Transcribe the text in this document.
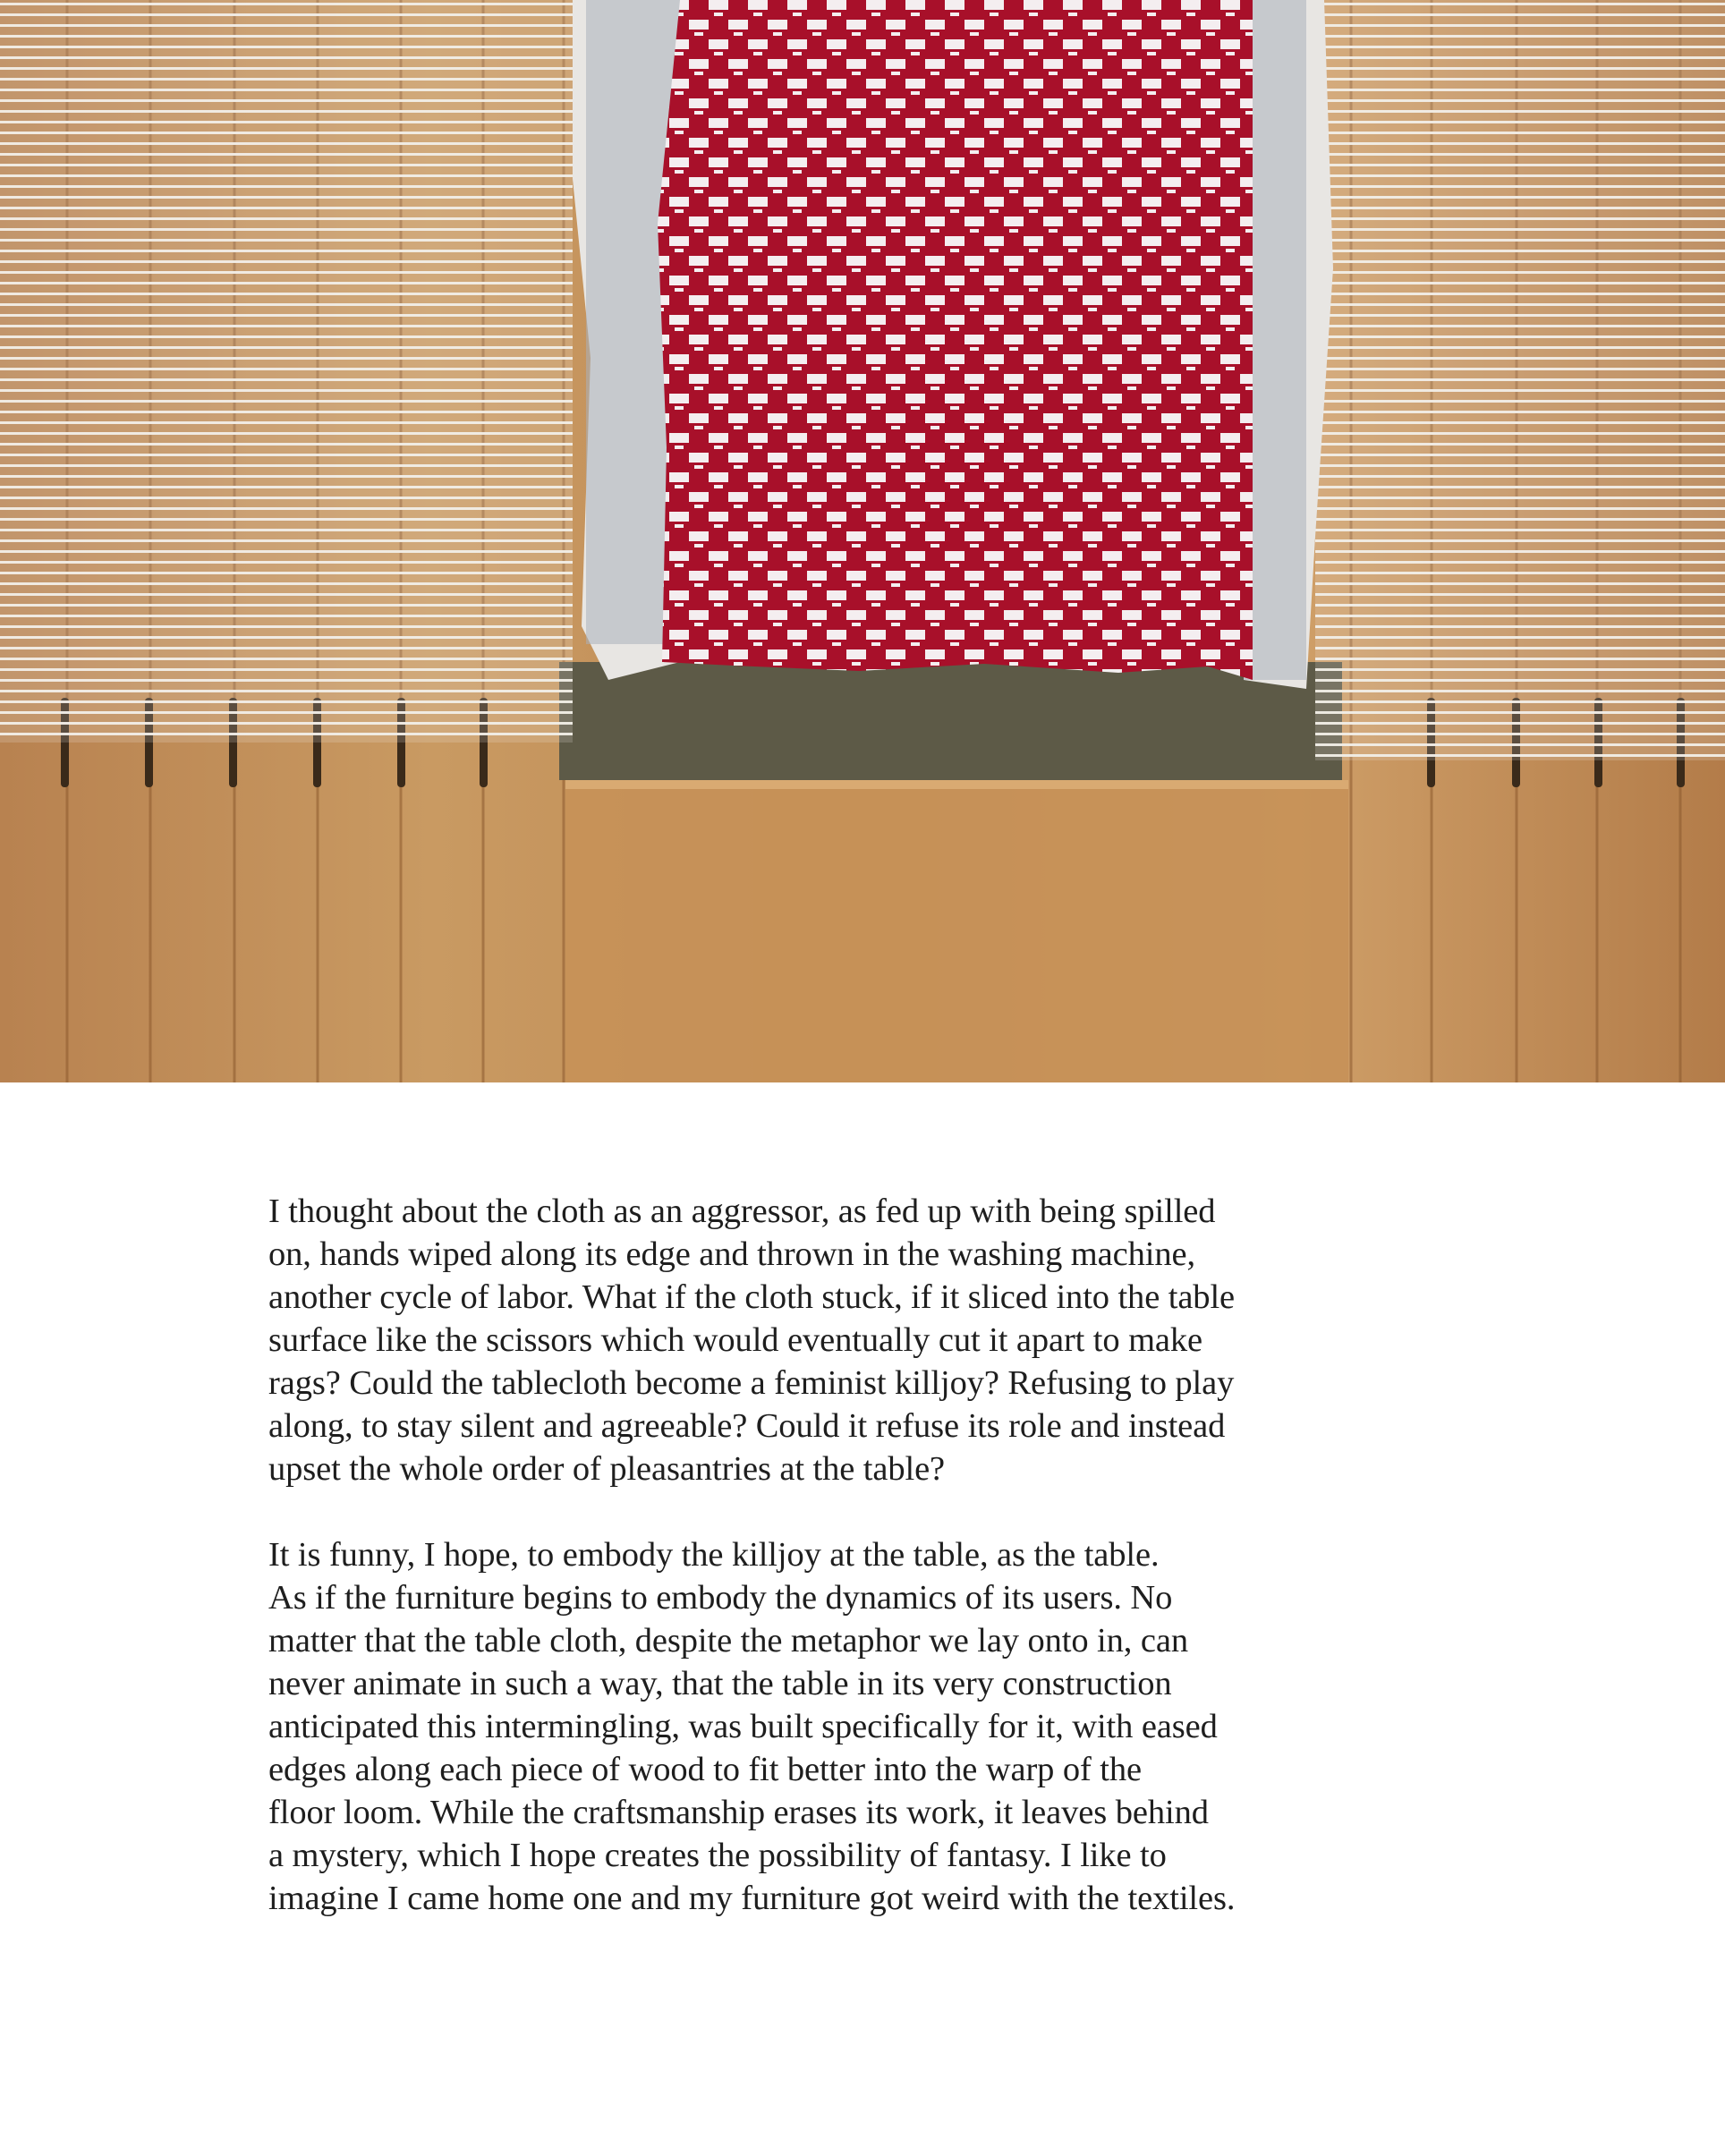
I thought about the cloth as an aggressor, as fed up with being spilled
on, hands wiped along its edge and thrown in the washing machine,
another cycle of labor. What if the cloth stuck, if it sliced into the table
surface like the scissors which would eventually cut it apart to make
rags? Could the tablecloth become a feminist killjoy? Refusing to play
along, to stay silent and agreeable? Could it refuse its role and instead
upset the whole order of pleasantries at the table?

It is funny, I hope, to embody the killjoy at the table, as the table.
As if the furniture begins to embody the dynamics of its users. No
matter that the table cloth, despite the metaphor we lay onto in, can
never animate in such a way, that the table in its very construction
anticipated this intermingling, was built specifically for it, with eased
edges along each piece of wood to fit better into the warp of the
floor loom. While the craftsmanship erases its work, it leaves behind
a mystery, which I hope creates the possibility of fantasy. I like to
imagine I came home one and my furniture got weird with the textiles.
